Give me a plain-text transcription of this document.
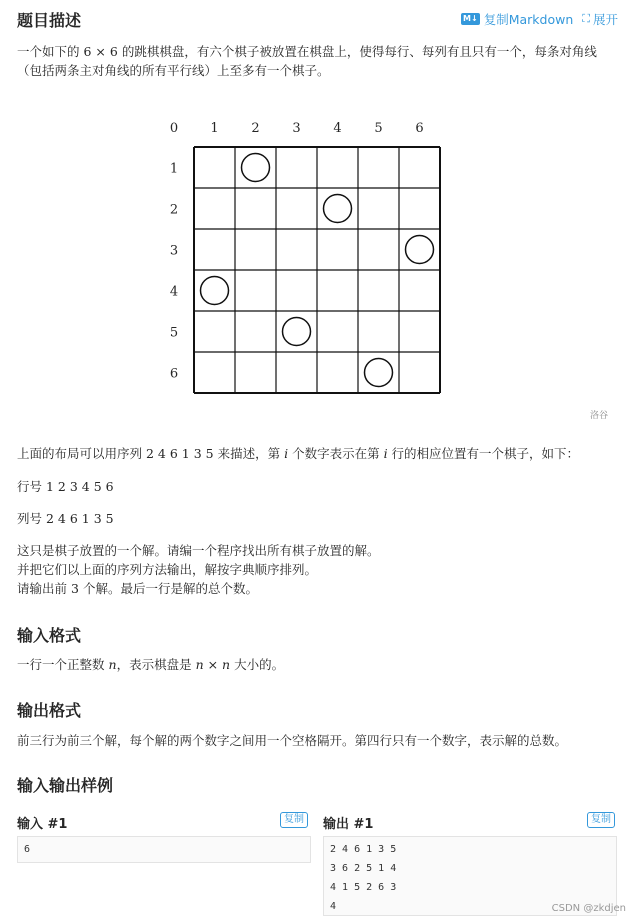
题目描述	M↓ 复制Markdown ⛶ 展开
一个如下的 6 × 6 的跳棋棋盘，有六个棋子被放置在棋盘上，使得每行、每列有且只有一个，每条对角线
（包括两条主对角线的所有平行线）上至多有一个棋子。
0 1	2	3	4	5	6
1
2
3
4
5
6
洛谷
上面的布局可以用序列 2 4 6 1 3 5 来描述，第 i 个数字表示在第 i 行的相应位置有一个棋子，如下：
行号 1 2 3 4 5 6
列号 2 4 6 1 3 5
这只是棋子放置的一个解。请编一个程序找出所有棋子放置的解。
并把它们以上面的序列方法输出，解按字典顺序排列。
请输出前 3 个解。最后一行是解的总个数。
输入格式
一行一个正整数 n，表示棋盘是 n × n 大小的。
输出格式
前三行为前三个解，每个解的两个数字之间用一个空格隔开。第四行只有一个数字，表示解的总数。
输入输出样例
输入 #1	复制
6
输出 #1	复制
2 4 6 1 3 5
3 6 2 5 1 4
4 1 5 2 6 3
4	CSDN @zkdjen
